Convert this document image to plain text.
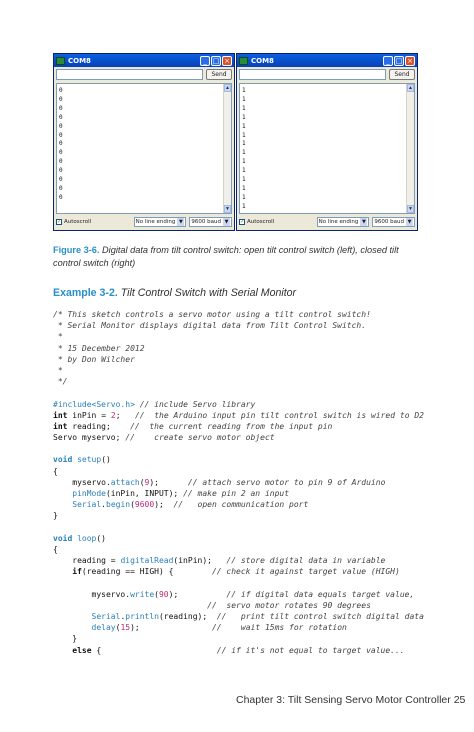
COM8	_ □ ×
Send
0
0
0
0
0
0
0
0
0
0
0
0
0
▲
▼
✓ Autoscroll	No line ending ▼ 9600 baud ▼
COM8	_ □ ×
Send
1
1
1
1
1
1
1
1
1
1
1
1
1
1
▲
▼
✓ Autoscroll	No line ending ▼ 9600 baud ▼
Figure 3-6. Digital data from tilt control switch: open tilt control switch (left), closed tilt control switch (right)
Example 3-2. Tilt Control Switch with Serial Monitor
/* This sketch controls a servo motor using a tilt control switch!
* Serial Monitor displays digital data from Tilt Control Switch.
*
* 15 December 2012
* by Don Wilcher
*
*/
#include<Servo.h> // include Servo library
int inPin = 2; //  the Arduino input pin tilt control switch is wired to D2
int reading; //  the current reading from the input pin
Servo myservo; //    create servo motor object
void setup()
{
myservo.attach(9);	// attach servo motor to pin 9 of Arduino
pinMode(inPin, INPUT); // make pin 2 an input
Serial.begin(9600);  //   open communication port
}
void loop()
{
reading = digitalRead(inPin); // store digital data in variable
if(reading == HIGH) {	// check it against target value (HIGH)
myservo.write(90);          // if digital data equals target value,
//  servo motor rotates 90 degrees
Serial.println(reading); //   print tilt control switch digital data
delay(15);               //    wait 15ms for rotation
}
else {	// if it's not equal to target value...
Chapter 3: Tilt Sensing Servo Motor Controller 25
